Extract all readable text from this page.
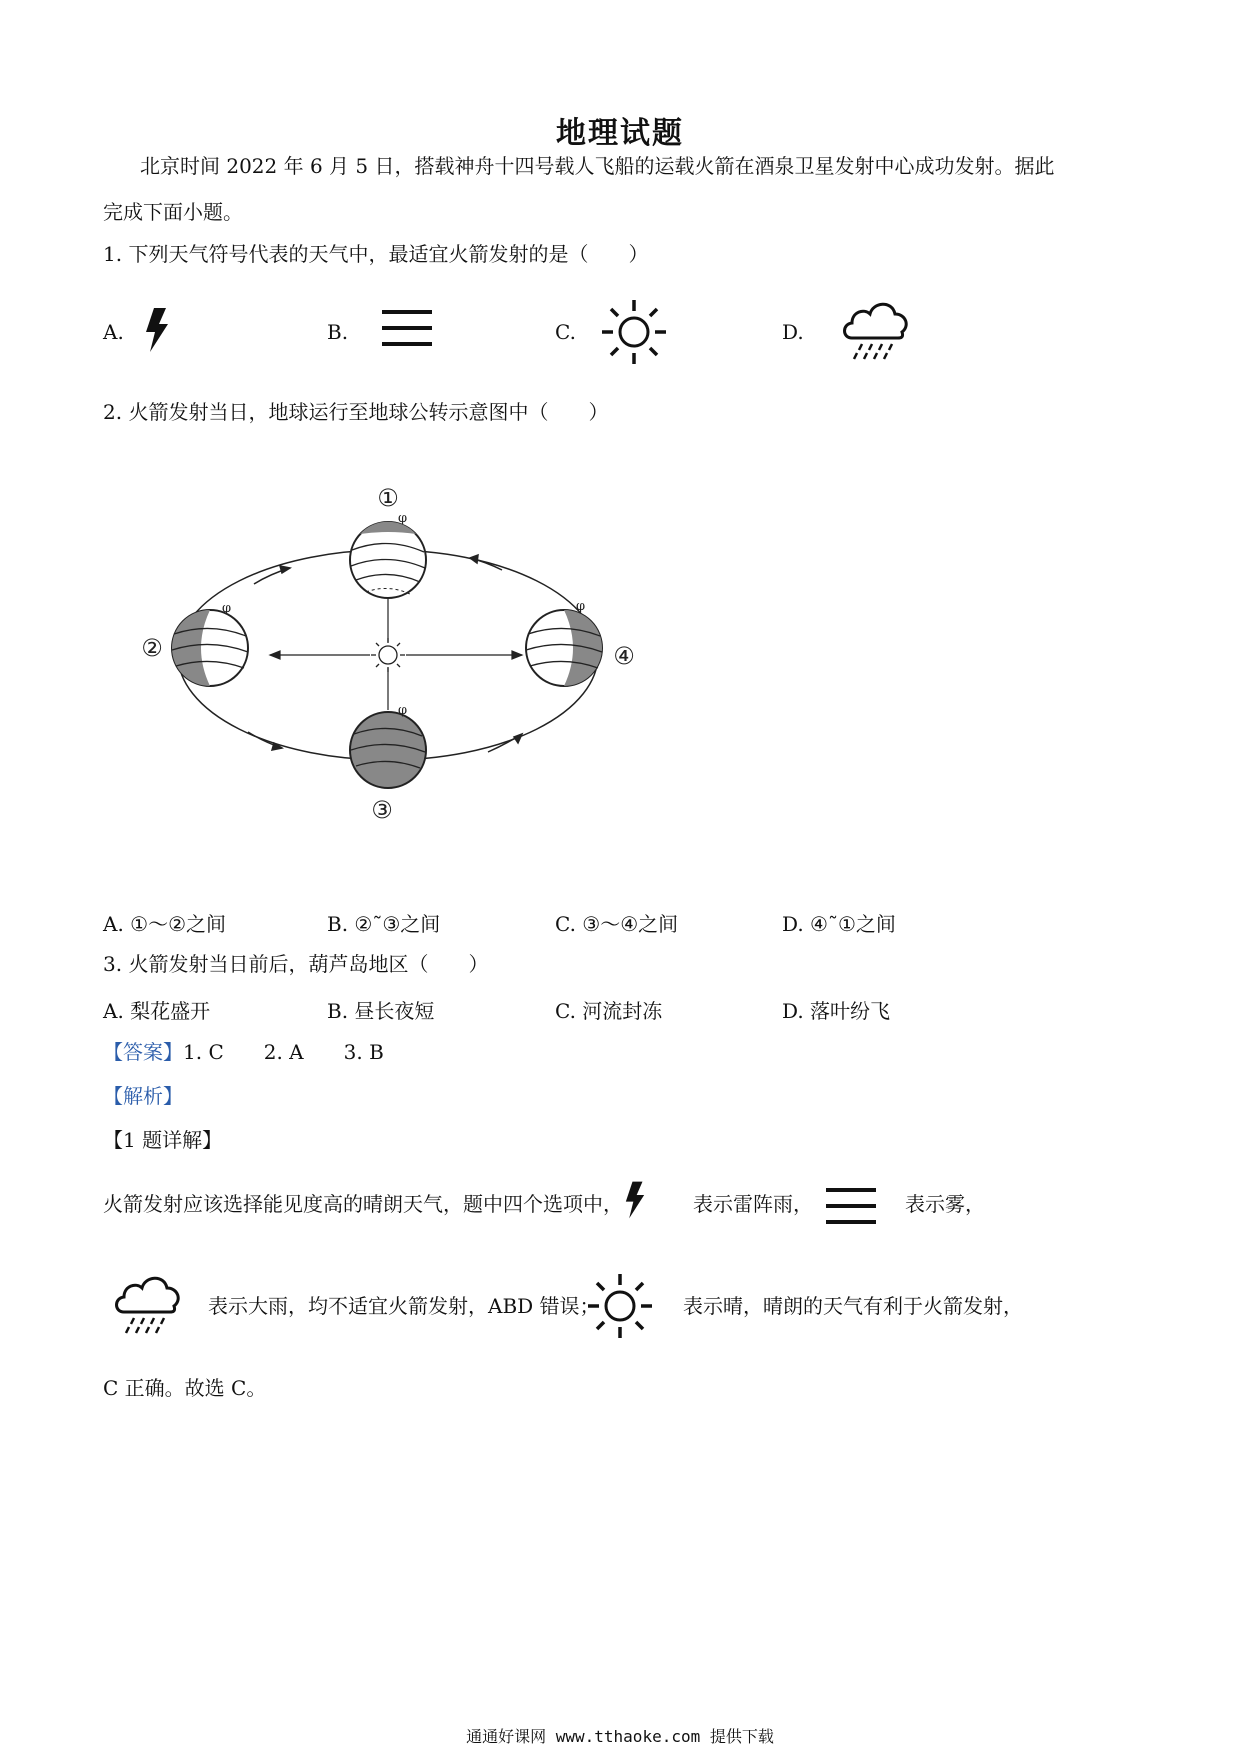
地理试题
北京时间 2022 年 6 月 5 日，搭载神舟十四号载人飞船的运载火箭在酒泉卫星发射中心成功发射。据此
完成下面小题。
1. 下列天气符号代表的天气中，最适宜火箭发射的是（　　）
A.	B.	C.	D.
2. 火箭发射当日，地球运行至地球公转示意图中（　　）
φ
φ
φ
φ
①
②
③
④
A. ①～②之间	B. ②˜③之间	C. ③～④之间	D. ④˜①之间
3. 火箭发射当日前后，葫芦岛地区（　　）
A. 梨花盛开	B. 昼长夜短	C. 河流封冻	D. 落叶纷飞
【答案】1. C　　2. A　　3. B
【解析】
【1 题详解】
火箭发射应该选择能见度高的晴朗天气，题中四个选项中，	表示雷阵雨，	表示雾，
表示大雨，均不适宜火箭发射，ABD 错误；	表示晴，晴朗的天气有利于火箭发射，
C 正确。故选 C。
通通好课网 www.tthaoke.com 提供下载
